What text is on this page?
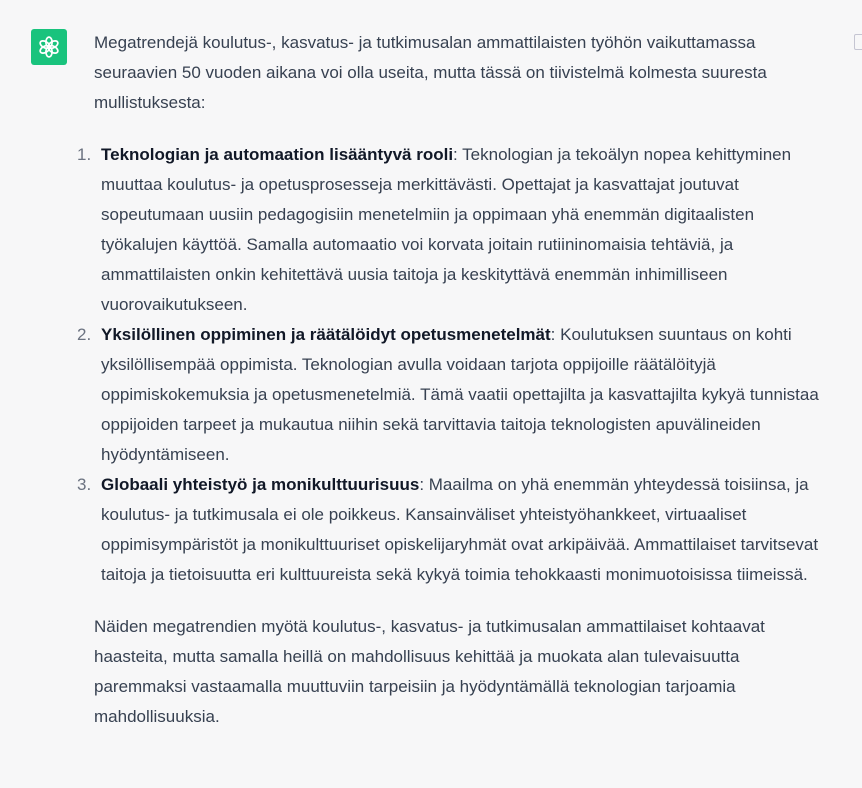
Megatrendejä koulutus-, kasvatus- ja tutkimusalan ammattilaisten työhön vaikuttamassa seuraavien 50 vuoden aikana voi olla useita, mutta tässä on tiivistelmä kolmesta suuresta mullistuksesta:

1. Teknologian ja automaation lisääntyvä rooli: Teknologian ja tekoälyn nopea kehittyminen muuttaa koulutus- ja opetusprosesseja merkittävästi. Opettajat ja kasvattajat joutuvat sopeutumaan uusiin pedagogisiin menetelmiin ja oppimaan yhä enemmän digitaalisten työkalujen käyttöä. Samalla automaatio voi korvata joitain rutiininomaisia tehtäviä, ja ammattilaisten onkin kehitettävä uusia taitoja ja keskityttävä enemmän inhimilliseen vuorovaikutukseen.
2. Yksilöllinen oppiminen ja räätälöidyt opetusmenetelmät: Koulutuksen suuntaus on kohti yksilöllisempää oppimista. Teknologian avulla voidaan tarjota oppijoille räätälöityjä oppimiskokemuksia ja opetusmenetelmiä. Tämä vaatii opettajilta ja kasvattajilta kykyä tunnistaa oppijoiden tarpeet ja mukautua niihin sekä tarvittavia taitoja teknologisten apuvälineiden hyödyntämiseen.
3. Globaali yhteistyö ja monikulttuurisuus: Maailma on yhä enemmän yhteydessä toisiinsa, ja koulutus- ja tutkimusala ei ole poikkeus. Kansainväliset yhteistyöhankkeet, virtuaaliset oppimisympäristöt ja monikulttuuriset opiskelijaryhmät ovat arkipäivää. Ammattilaiset tarvitsevat taitoja ja tietoisuutta eri kulttuureista sekä kykyä toimia tehokkaasti monimuotoisissa tiimeissä.

Näiden megatrendien myötä koulutus-, kasvatus- ja tutkimusalan ammattilaiset kohtaavat haasteita, mutta samalla heillä on mahdollisuus kehittää ja muokata alan tulevaisuutta paremmaksi vastaamalla muuttuviin tarpeisiin ja hyödyntämällä teknologian tarjoamia mahdollisuuksia.
